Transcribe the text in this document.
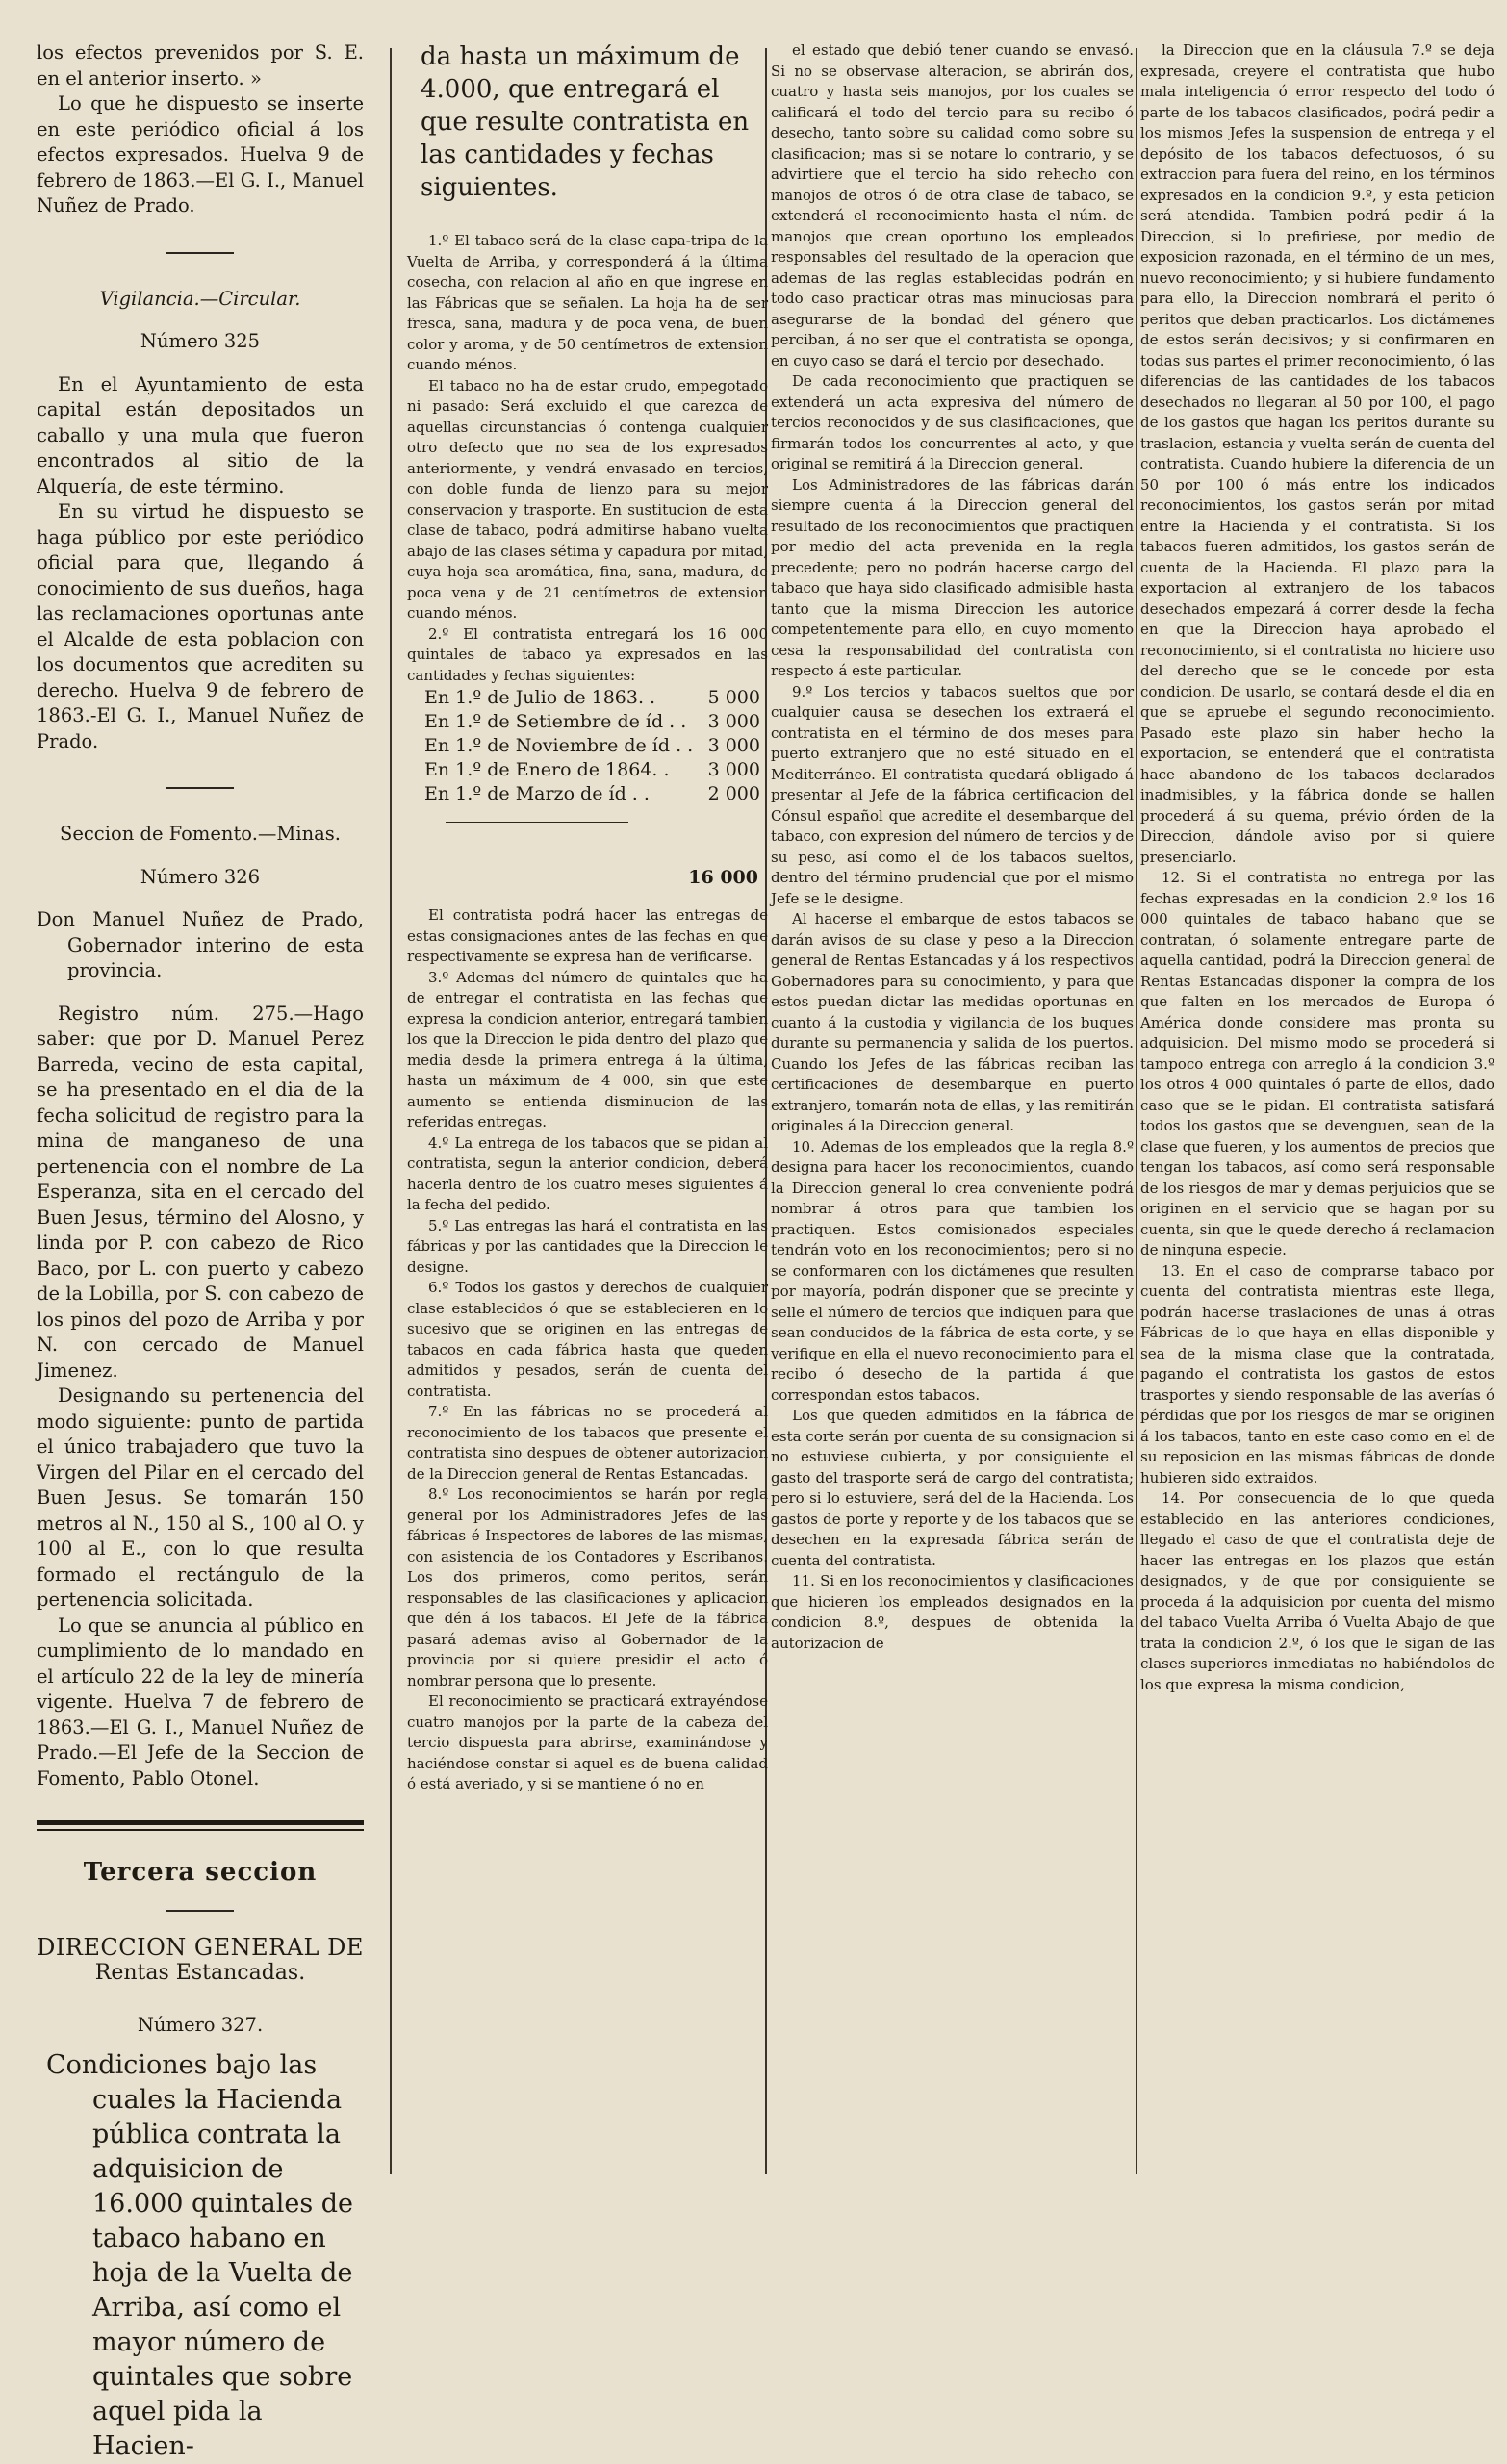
los efectos prevenidos por S. E. en el anterior inserto. »

Lo que he dispuesto se inserte en este periódico oficial á los efectos expresados. Huelva 9 de febrero de 1863.—El G. I., Manuel Nuñez de Prado.

Vigilancia.—Circular.

Número 325

En el Ayuntamiento de esta capital están depositados un caballo y una mula que fueron encontrados al sitio de la Alquería, de este término.

En su virtud he dispuesto se haga público por este periódico oficial para que, llegando á conocimiento de sus dueños, haga las reclamaciones oportunas ante el Alcalde de esta poblacion con los documentos que acrediten su derecho. Huelva 9 de febrero de 1863.-El G. I., Manuel Nuñez de Prado.

Seccion de Fomento.—Minas.

Número 326

Don Manuel Nuñez de Prado, Gobernador interino de esta provincia.

Registro núm. 275.—Hago saber: que por D. Manuel Perez Barreda, vecino de esta capital, se ha presentado en el dia de la fecha solicitud de registro para la mina de manganeso de una pertenencia con el nombre de La Esperanza, sita en el cercado del Buen Jesus, término del Alosno, y linda por P. con cabezo de Rico Baco, por L. con puerto y cabezo de la Lobilla, por S. con cabezo de los pinos del pozo de Arriba y por N. con cercado de Manuel Jimenez.

Designando su pertenencia del modo siguiente: punto de partida el único trabajadero que tuvo la Virgen del Pilar en el cercado del Buen Jesus. Se tomarán 150 metros al N., 150 al S., 100 al O. y 100 al E., con lo que resulta formado el rectángulo de la pertenencia solicitada.

Lo que se anuncia al público en cumplimiento de lo mandado en el artículo 22 de la ley de minería vigente. Huelva 7 de febrero de 1863.—El G. I., Manuel Nuñez de Prado.—El Jefe de la Seccion de Fomento, Pablo Otonel.

Tercera seccion

DIRECCION GENERAL DE

Rentas Estancadas.

Número 327.

Condiciones bajo las cuales la Hacienda pública contrata la adquisicion de 16.000 quintales de tabaco habano en hoja de la Vuelta de Arriba, así como el mayor número de quintales que sobre aquel pida la Hacien-

da hasta un máximum de 4.000, que entregará el que resulte contratista en las cantidades y fechas siguientes.

1.º El tabaco será de la clase capa-tripa de la Vuelta de Arriba, y corresponderá á la última cosecha, con relacion al año en que ingrese en las Fábricas que se señalen. La hoja ha de ser fresca, sana, madura y de poca vena, de buen color y aroma, y de 50 centímetros de extension cuando ménos.

El tabaco no ha de estar crudo, empegotado ni pasado: Será excluido el que carezca de aquellas circunstancias ó contenga cualquier otro defecto que no sea de los expresados anteriormente, y vendrá envasado en tercios, con doble funda de lienzo para su mejor conservacion y trasporte. En sustitucion de esta clase de tabaco, podrá admitirse habano vuelta abajo de las clases sétima y capadura por mitad, cuya hoja sea aromática, fina, sana, madura, de poca vena y de 21 centímetros de extension cuando ménos.

2.º El contratista entregará los 16 000 quintales de tabaco ya expresados en las cantidades y fechas siguientes:

En 1.º de Julio de 1863. .	5 000
En 1.º de Setiembre de íd . . 3 000
En 1.º de Noviembre de íd . . 3 000
En 1.º de Enero de 1864. . 3 000
En 1.º de Marzo de íd . .	2 000

16 000

El contratista podrá hacer las entregas de estas consignaciones antes de las fechas en que respectivamente se expresa han de verificarse.

3.º Ademas del número de quintales que ha de entregar el contratista en las fechas que expresa la condicion anterior, entregará tambien los que la Direccion le pida dentro del plazo que media desde la primera entrega á la última, hasta un máximum de 4 000, sin que este aumento se entienda disminucion de las referidas entregas.

4.º La entrega de los tabacos que se pidan al contratista, segun la anterior condicion, deberá hacerla dentro de los cuatro meses siguientes á la fecha del pedido.

5.º Las entregas las hará el contratista en las fábricas y por las cantidades que la Direccion le designe.

6.º Todos los gastos y derechos de cualquier clase establecidos ó que se establecieren en lo sucesivo que se originen en las entregas de tabacos en cada fábrica hasta que queden admitidos y pesados, serán de cuenta del contratista.

7.º En las fábricas no se procederá al reconocimiento de los tabacos que presente el contratista sino despues de obtener autorizacion de la Direccion general de Rentas Estancadas.

8.º Los reconocimientos se harán por regla general por los Administradores Jefes de las fábricas é Inspectores de labores de las mismas, con asistencia de los Contadores y Escribanos. Los dos primeros, como peritos, serán responsables de las clasificaciones y aplicacion que dén á los tabacos. El Jefe de la fábrica pasará ademas aviso al Gobernador de la provincia por si quiere presidir el acto ó nombrar persona que lo presente.

El reconocimiento se practicará extrayéndose cuatro manojos por la parte de la cabeza del tercio dispuesta para abrirse, examinándose y haciéndose constar si aquel es de buena calidad ó está averiado, y si se mantiene ó no en

el estado que debió tener cuando se envasó. Si no se observase alteracion, se abrirán dos, cuatro y hasta seis manojos, por los cuales se calificará el todo del tercio para su recibo ó desecho, tanto sobre su calidad como sobre su clasificacion; mas si se notare lo contrario, y se advirtiere que el tercio ha sido rehecho con manojos de otros ó de otra clase de tabaco, se extenderá el reconocimiento hasta el núm. de manojos que crean oportuno los empleados responsables del resultado de la operacion que ademas de las reglas establecidas podrán en todo caso practicar otras mas minuciosas para asegurarse de la bondad del género que perciban, á no ser que el contratista se oponga, en cuyo caso se dará el tercio por desechado.

De cada reconocimiento que practiquen se extenderá un acta expresiva del número de tercios reconocidos y de sus clasificaciones, que firmarán todos los concurrentes al acto, y que original se remitirá á la Direccion general.

Los Administradores de las fábricas darán siempre cuenta á la Direccion general del resultado de los reconocimientos que practiquen por medio del acta prevenida en la regla precedente; pero no podrán hacerse cargo del tabaco que haya sido clasificado admisible hasta tanto que la misma Direccion les autorice competentemente para ello, en cuyo momento cesa la responsabilidad del contratista con respecto á este particular.

9.º Los tercios y tabacos sueltos que por cualquier causa se desechen los extraerá el contratista en el término de dos meses para puerto extranjero que no esté situado en el Mediterráneo. El contratista quedará obligado á presentar al Jefe de la fábrica certificacion del Cónsul español que acredite el desembarque del tabaco, con expresion del número de tercios y de su peso, así como el de los tabacos sueltos, dentro del término prudencial que por el mismo Jefe se le designe.

Al hacerse el embarque de estos tabacos se darán avisos de su clase y peso a la Direccion general de Rentas Estancadas y á los respectivos Gobernadores para su conocimiento, y para que estos puedan dictar las medidas oportunas en cuanto á la custodia y vigilancia de los buques durante su permanencia y salida de los puertos. Cuando los Jefes de las fábricas reciban las certificaciones de desembarque en puerto extranjero, tomarán nota de ellas, y las remitirán originales á la Direccion general.

10. Ademas de los empleados que la regla 8.º designa para hacer los reconocimientos, cuando la Direccion general lo crea conveniente podrá nombrar á otros para que tambien los practiquen. Estos comisionados especiales tendrán voto en los reconocimientos; pero si no se conformaren con los dictámenes que resulten por mayoría, podrán disponer que se precinte y selle el número de tercios que indiquen para que sean conducidos de la fábrica de esta corte, y se verifique en ella el nuevo reconocimiento para el recibo ó desecho de la partida á que correspondan estos tabacos.

Los que queden admitidos en la fábrica de esta corte serán por cuenta de su consignacion si no estuviese cubierta, y por consiguiente el gasto del trasporte será de cargo del contratista; pero si lo estuviere, será del de la Hacienda. Los gastos de porte y reporte y de los tabacos que se desechen en la expresada fábrica serán de cuenta del contratista.

11. Si en los reconocimientos y clasificaciones que hicieren los empleados designados en la condicion 8.º, despues de obtenida la autorizacion de

la Direccion que en la cláusula 7.º se deja expresada, creyere el contratista que hubo mala inteligencia ó error respecto del todo ó parte de los tabacos clasificados, podrá pedir a los mismos Jefes la suspension de entrega y el depósito de los tabacos defectuosos, ó su extraccion para fuera del reino, en los términos expresados en la condicion 9.º, y esta peticion será atendida. Tambien podrá pedir á la Direccion, si lo prefiriese, por medio de exposicion razonada, en el término de un mes, nuevo reconocimiento; y si hubiere fundamento para ello, la Direccion nombrará el perito ó peritos que deban practicarlos. Los dictámenes de estos serán decisivos; y si confirmaren en todas sus partes el primer reconocimiento, ó las diferencias de las cantidades de los tabacos desechados no llegaran al 50 por 100, el pago de los gastos que hagan los peritos durante su traslacion, estancia y vuelta serán de cuenta del contratista. Cuando hubiere la diferencia de un 50 por 100 ó más entre los indicados reconocimientos, los gastos serán por mitad entre la Hacienda y el contratista. Si los tabacos fueren admitidos, los gastos serán de cuenta de la Hacienda. El plazo para la exportacion al extranjero de los tabacos desechados empezará á correr desde la fecha en que la Direccion haya aprobado el reconocimiento, si el contratista no hiciere uso del derecho que se le concede por esta condicion. De usarlo, se contará desde el dia en que se apruebe el segundo reconocimiento. Pasado este plazo sin haber hecho la exportacion, se entenderá que el contratista hace abandono de los tabacos declarados inadmisibles, y la fábrica donde se hallen procederá á su quema, prévio órden de la Direccion, dándole aviso por si quiere presenciarlo.

12. Si el contratista no entrega por las fechas expresadas en la condicion 2.º los 16 000 quintales de tabaco habano que se contratan, ó solamente entregare parte de aquella cantidad, podrá la Direccion general de Rentas Estancadas disponer la compra de los que falten en los mercados de Europa ó América donde considere mas pronta su adquisicion. Del mismo modo se procederá si tampoco entrega con arreglo á la condicion 3.º los otros 4 000 quintales ó parte de ellos, dado caso que se le pidan. El contratista satisfará todos los gastos que se devenguen, sean de la clase que fueren, y los aumentos de precios que tengan los tabacos, así como será responsable de los riesgos de mar y demas perjuicios que se originen en el servicio que se hagan por su cuenta, sin que le quede derecho á reclamacion de ninguna especie.

13. En el caso de comprarse tabaco por cuenta del contratista mientras este llega, podrán hacerse traslaciones de unas á otras Fábricas de lo que haya en ellas disponible y sea de la misma clase que la contratada, pagando el contratista los gastos de estos trasportes y siendo responsable de las averías ó pérdidas que por los riesgos de mar se originen á los tabacos, tanto en este caso como en el de su reposicion en las mismas fábricas de donde hubieren sido extraidos.

14. Por consecuencia de lo que queda establecido en las anteriores condiciones, llegado el caso de que el contratista deje de hacer las entregas en los plazos que están designados, y de que por consiguiente se proceda á la adquisicion por cuenta del mismo del tabaco Vuelta Arriba ó Vuelta Abajo de que trata la condicion 2.º, ó los que le sigan de las clases superiores inmediatas no habiéndolos de los que expresa la misma condicion,
